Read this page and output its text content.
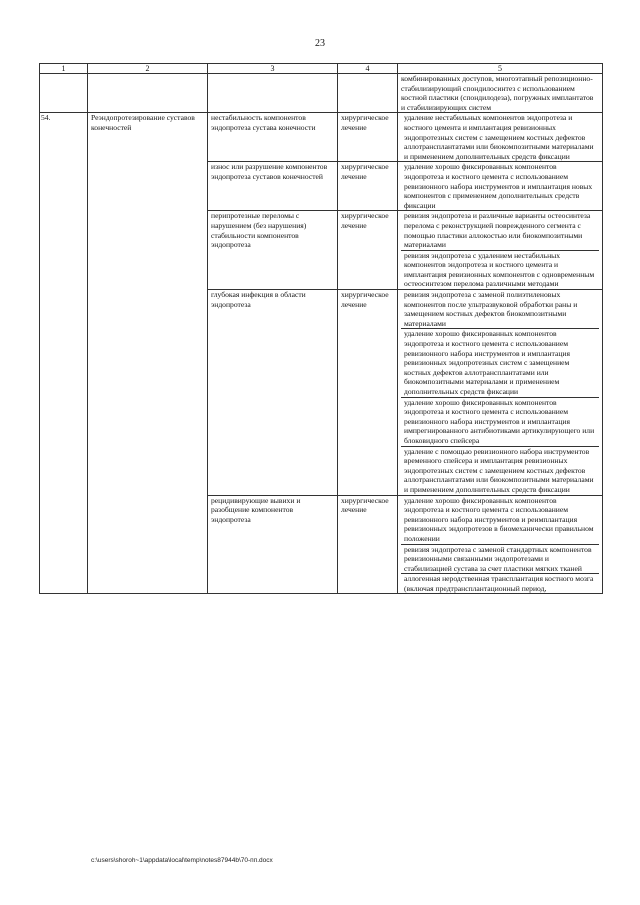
23
1	2	3	4	5
				комбинированных доступов, многоэтапный репозиционно-стабилизирующий спондилосинтез с использованием костной пластики (спондилодеза), погружных имплантатов и стабилизирующих систем
54.	Реэндопротезирование суставов конечностей	нестабильность компонентов эндопротеза сустава конечности	хирургическое лечение	удаление нестабильных компонентов эндопротеза и костного цемента и имплантация ревизионных эндопротезных систем с замещением костных дефектов аллотрансплантатами или биокомпозитными материалами и применением дополнительных средств фиксации

		износ или разрушение компонентов эндопротеза суставов конечностей	хирургическое лечение	удаление хорошо фиксированных компонентов эндопротеза и костного цемента с использованием ревизионного набора инструментов и имплантация новых компонентов с применением дополнительных средств фиксации

		перипротезные переломы с нарушением (без нарушения) стабильности компонентов эндопротеза	хирургическое лечение	ревизия эндопротеза и различные варианты остеосинтеза перелома с реконструкцией поврежденного сегмента с помощью пластики аллокостью или биокомпозитными материалами
ревизия эндопротеза с удалением нестабильных компонентов эндопротеза и костного цемента и имплантация ревизионных компонентов с одновременным остеосинтезом перелома различными методами

		глубокая инфекция в области эндопротеза	хирургическое лечение	ревизия эндопротеза с заменой полиэтиленовых компонентов после ультразвуковой обработки раны и замещением костных дефектов биокомпозитными материалами
удаление хорошо фиксированных компонентов эндопротеза и костного цемента с использованием ревизионного набора инструментов и имплантация ревизионных эндопротезных систем с замещением костных дефектов аллотрансплантатами или биокомпозитными материалами и применением дополнительных средств фиксации
удаление хорошо фиксированных компонентов эндопротеза и костного цемента с использованием ревизионного набора инструментов и имплантация импрегнированного антибиотиками артикулирующего или блоковидного спейсера
удаление с помощью ревизионного набора инструментов временного спейсера и имплантация ревизионных эндопротезных систем с замещением костных дефектов аллотрансплантатами или биокомпозитными материалами и применением дополнительных средств фиксации

		рецидивирующие вывихи и разобщение компонентов эндопротеза	хирургическое лечение	удаление хорошо фиксированных компонентов эндопротеза и костного цемента с использованием ревизионного набора инструментов и реимплантация ревизионных эндопротезов в биомеханически правильном положении
ревизия эндопротеза с заменой стандартных компонентов ревизионными связанными эндопротезами и стабилизацией сустава за счет пластики мягких тканей
аллогенная неродственная трансплантация костного мозга (включая предтрансплантационный период,
c:\users\shoroh~1\appdata\local\temp\notes87944b\70-пп.docx
